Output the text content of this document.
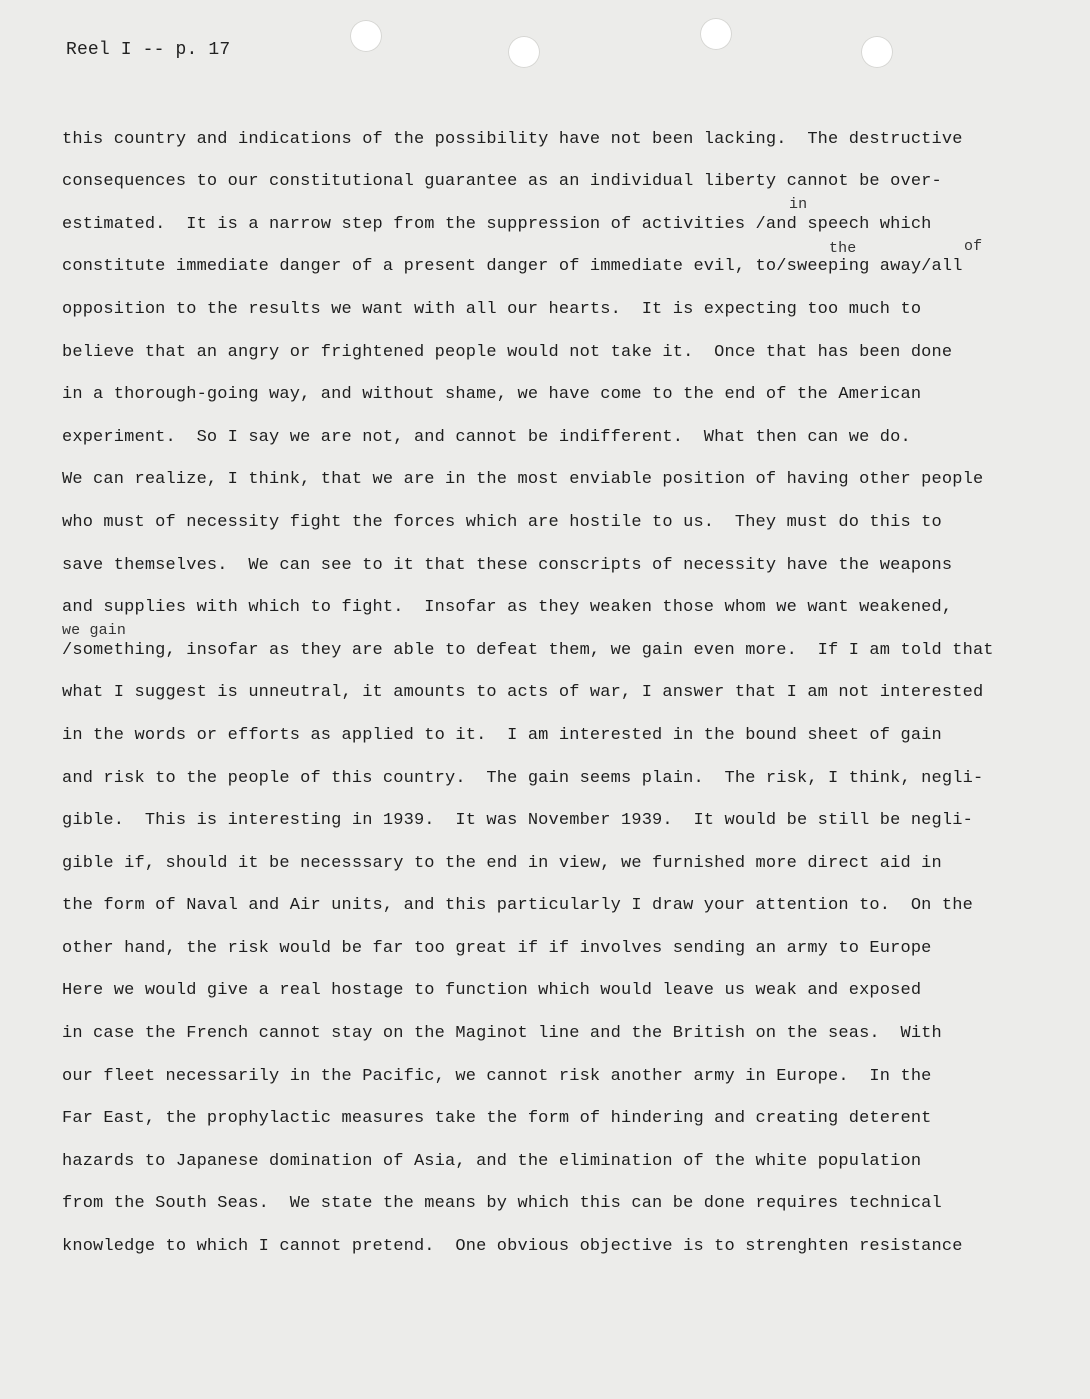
Reel I -- p. 17
this country and indications of the possibility have not been lacking.  The destructive
consequences to our constitutional guarantee as an individual liberty cannot be over-
in
estimated.  It is a narrow step from the suppression of activities /and speech which
the	of
constitute immediate danger of a present danger of immediate evil, to/sweeping away/all
opposition to the results we want with all our hearts.  It is expecting too much to
believe that an angry or frightened people would not take it.  Once that has been done
in a thorough-going way, and without shame, we have come to the end of the American
experiment.  So I say we are not, and cannot be indifferent.  What then can we do.
We can realize, I think, that we are in the most enviable position of having other people
who must of necessity fight the forces which are hostile to us.  They must do this to
save themselves.  We can see to it that these conscripts of necessity have the weapons
and supplies with which to fight.  Insofar as they weaken those whom we want weakened,
we gain
/something, insofar as they are able to defeat them, we gain even more.  If I am told that
what I suggest is unneutral, it amounts to acts of war, I answer that I am not interested
in the words or efforts as applied to it.  I am interested in the bound sheet of gain
and risk to the people of this country.  The gain seems plain.  The risk, I think, negli-
gible.  This is interesting in 1939.  It was November 1939.  It would be still be negli-
gible if, should it be necesssary to the end in view, we furnished more direct aid in
the form of Naval and Air units, and this particularly I draw your attention to.  On the
other hand, the risk would be far too great if if involves sending an army to Europe
Here we would give a real hostage to function which would leave us weak and exposed
in case the French cannot stay on the Maginot line and the British on the seas.  With
our fleet necessarily in the Pacific, we cannot risk another army in Europe.  In the
Far East, the prophylactic measures take the form of hindering and creating deterent
hazards to Japanese domination of Asia, and the elimination of the white population
from the South Seas.  We state the means by which this can be done requires technical
knowledge to which I cannot pretend.  One obvious objective is to strenghten resistance
